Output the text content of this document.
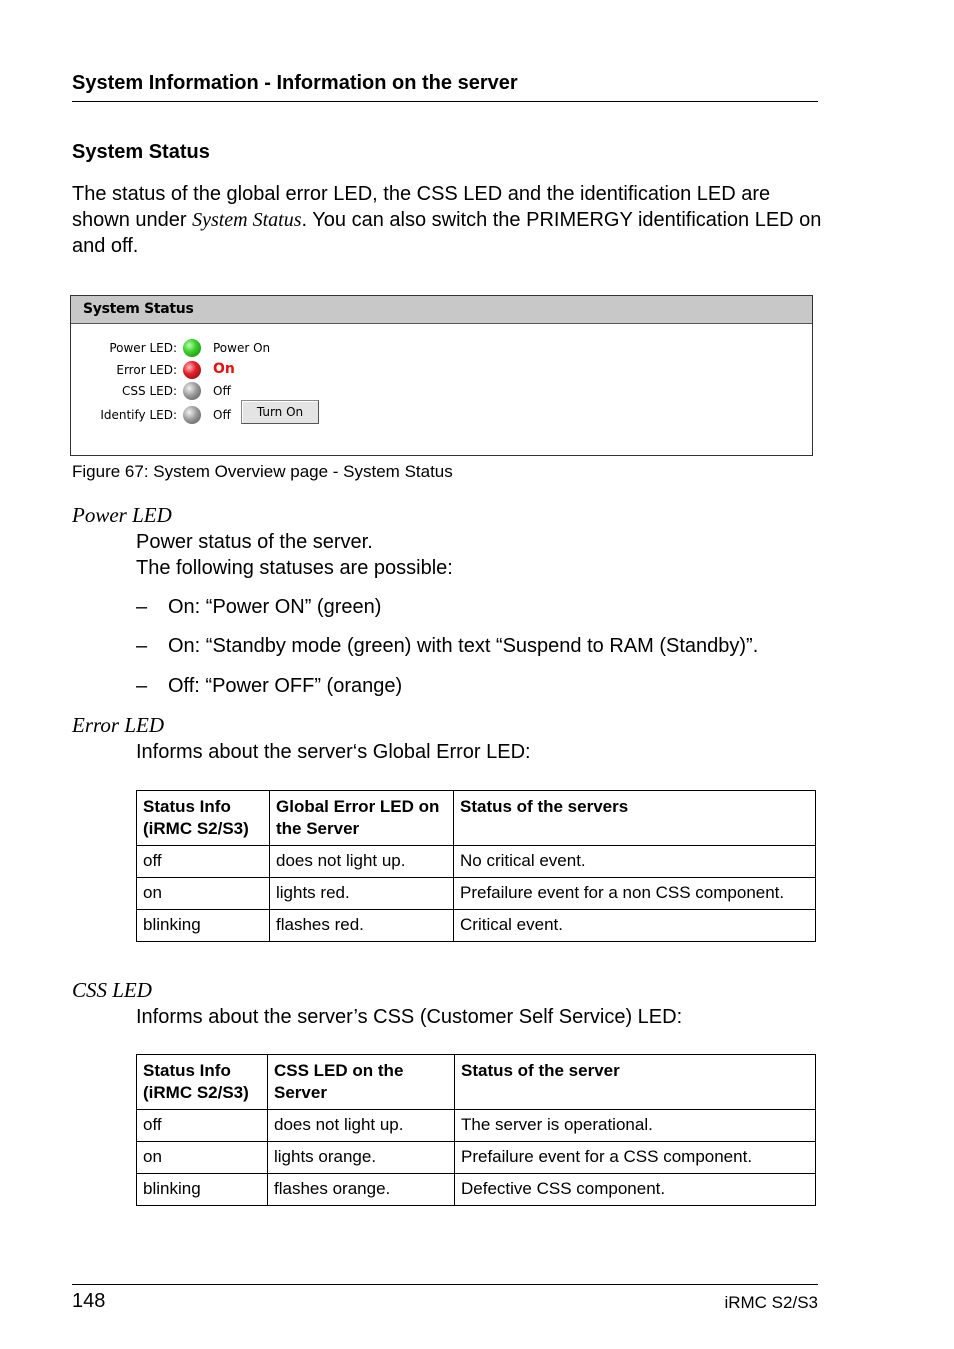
System Information - Information on the server
System Status
The status of the global error LED, the CSS LED and the identification LED are shown under System Status. You can also switch the PRIMERGY identification LED on and off.
System Status
Power LED:	Power On
Error LED:	On
CSS LED:	Off
Identify LED:	Off	Turn On
Figure 67: System Overview page - System Status
Power LED
Power status of the server.
The following statuses are possible:
– On: “Power ON” (green)
– On: “Standby mode (green) with text “Suspend to RAM (Standby)”.
– Off: “Power OFF” (orange)
Error LED
Informs about the server‘s Global Error LED:
Status Info (iRMC S2/S3)	Global Error LED on the Server	Status of the servers
off	does not light up.	No critical event.
on	lights red.	Prefailure event for a non CSS component.
blinking	flashes red.	Critical event.
CSS LED
Informs about the server’s CSS (Customer Self Service) LED:
Status Info (iRMC S2/S3)	CSS LED on the Server	Status of the server
off	does not light up.	The server is operational.
on	lights orange.	Prefailure event for a CSS component.
blinking	flashes orange.	Defective CSS component.
148	iRMC S2/S3
